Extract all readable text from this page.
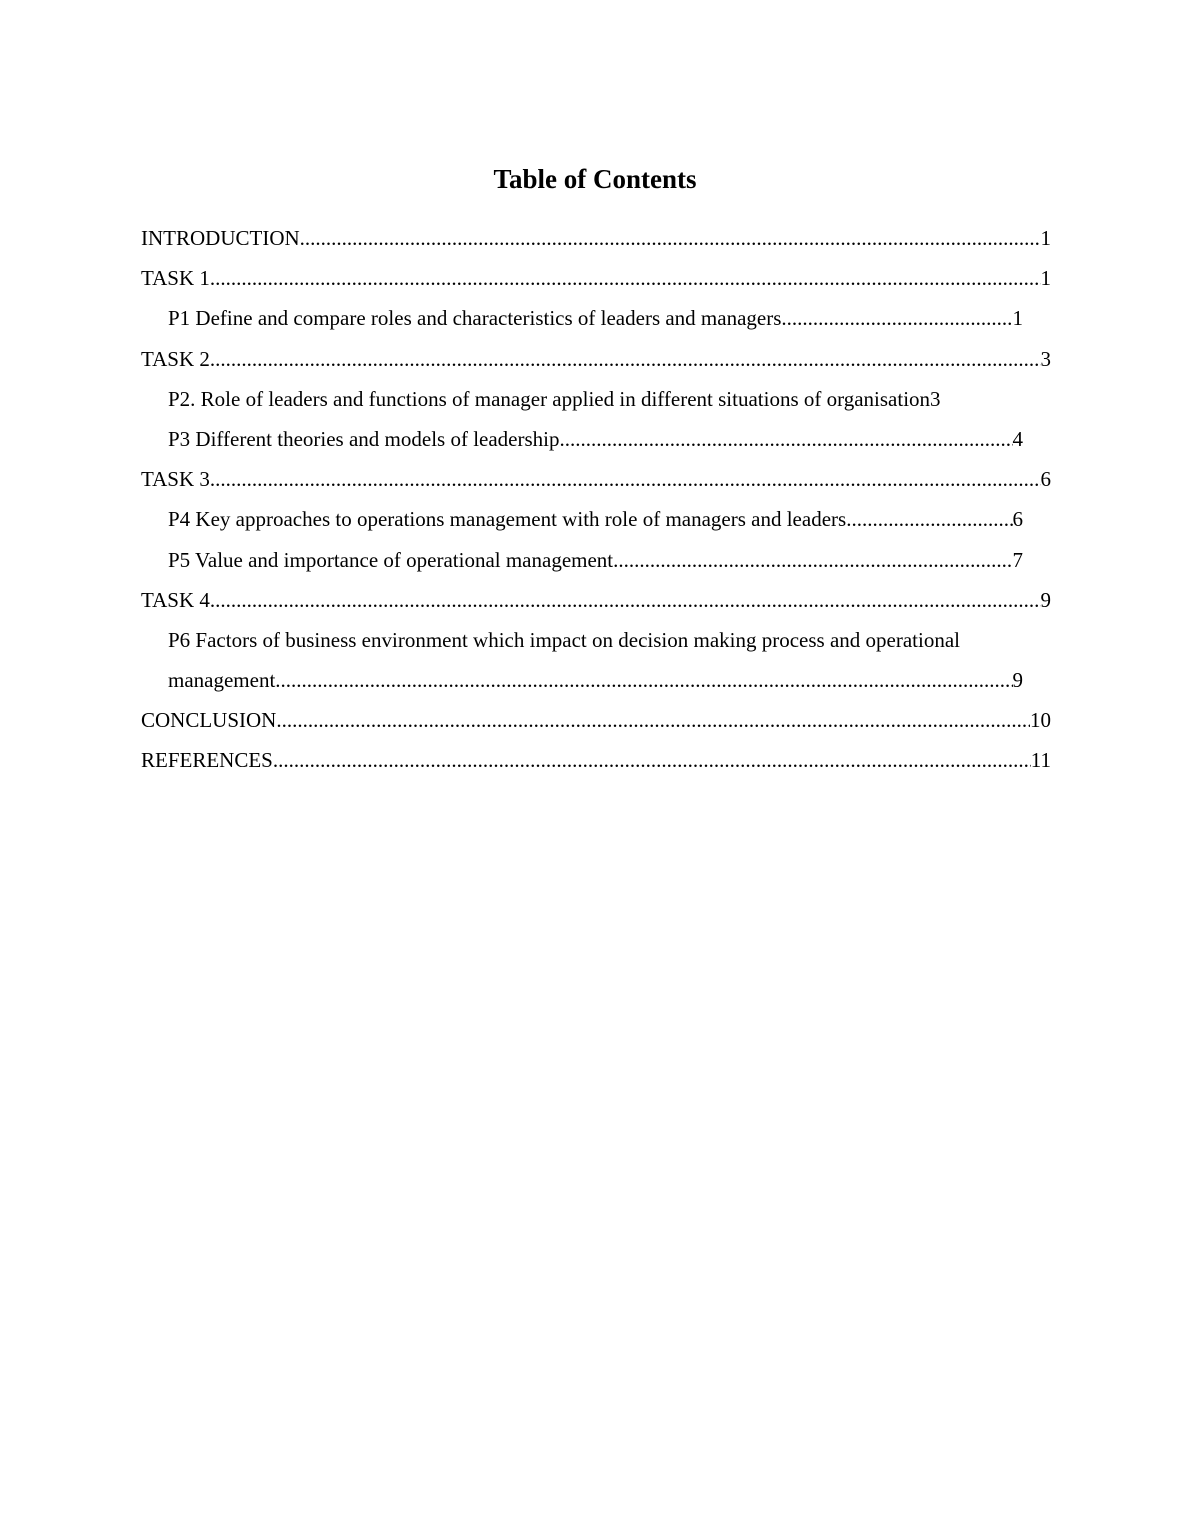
Table of Contents
INTRODUCTION .....	1
TASK 1 .....	1
P1 Define and compare roles and characteristics of leaders and managers .....	1
TASK 2 .....	3
P2. Role of leaders and functions of manager applied in different situations of organisation 3
P3 Different theories and models of leadership .....	4
TASK 3 .....	6
P4 Key approaches to operations management with role of managers and leaders .....	6
P5 Value and importance of operational management .....	7
TASK 4 .....	9
P6 Factors of business environment which impact on decision making process and operational
management .....	9
CONCLUSION .....	10
REFERENCES .....	11
